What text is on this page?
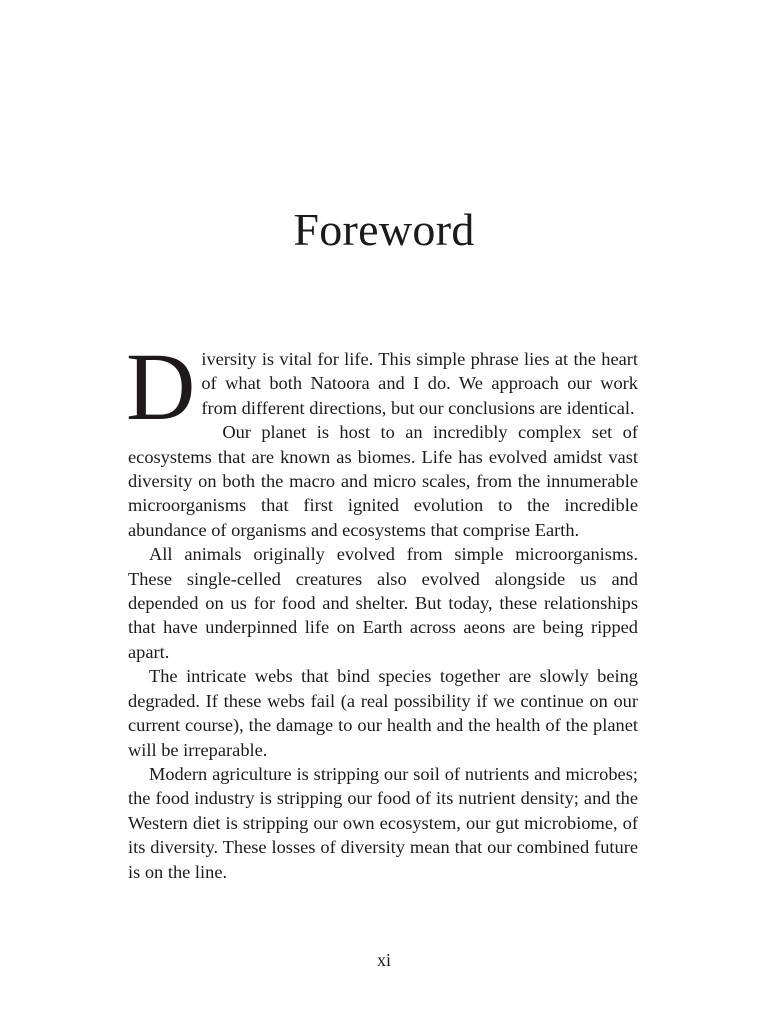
Foreword

Diversity is vital for life. This simple phrase lies at the heart of what both Natoora and I do. We approach our work from different directions, but our conclusions are identical.

Our planet is host to an incredibly complex set of ecosystems that are known as biomes. Life has evolved amidst vast diversity on both the macro and micro scales, from the innumerable microorganisms that first ignited evolution to the incredible abundance of organisms and ecosystems that comprise Earth.

All animals originally evolved from simple microorganisms. These single-celled creatures also evolved alongside us and depended on us for food and shelter. But today, these relationships that have underpinned life on Earth across aeons are being ripped apart.

The intricate webs that bind species together are slowly being degraded. If these webs fail (a real possibility if we continue on our current course), the damage to our health and the health of the planet will be irreparable.

Modern agriculture is stripping our soil of nutrients and microbes; the food industry is stripping our food of its nutrient density; and the Western diet is stripping our own ecosystem, our gut microbiome, of its diversity. These losses of diversity mean that our combined future is on the line.

xi
